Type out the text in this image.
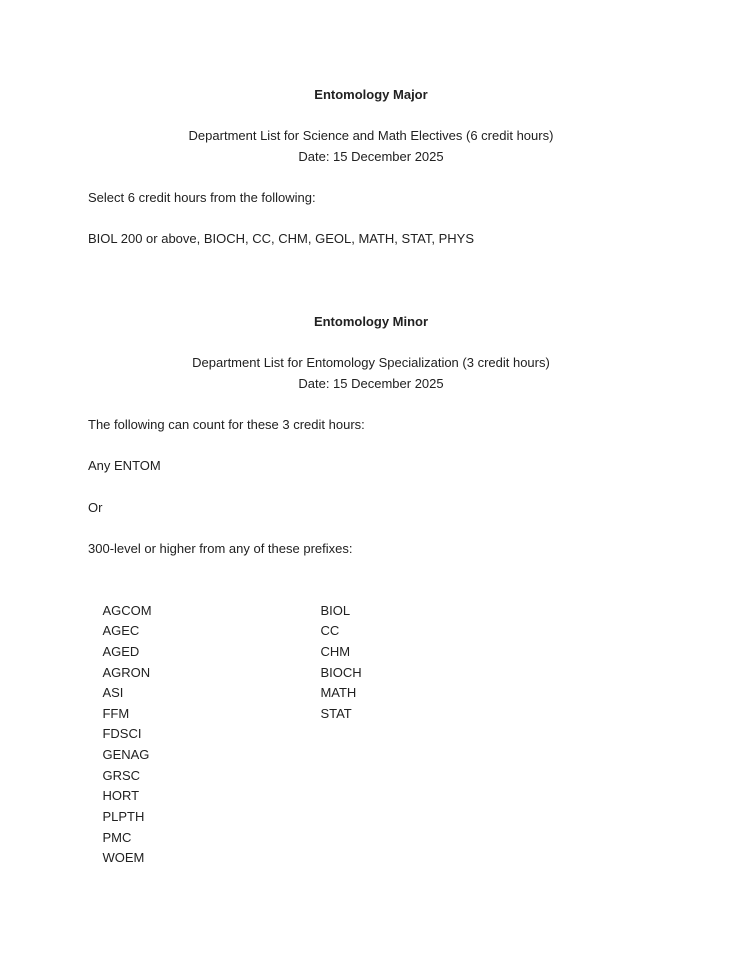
Entomology Major
Department List for Science and Math Electives (6 credit hours)
Date: 15 December 2025
Select 6 credit hours from the following:
BIOL 200 or above, BIOCH, CC, CHM, GEOL, MATH, STAT, PHYS
Entomology Minor
Department List for Entomology Specialization (3 credit hours)
Date: 15 December 2025
The following can count for these 3 credit hours:
Any ENTOM
Or
300-level or higher from any of these prefixes:

AGCOM	BIOL

AGEC	CC

AGED	CHM

AGRON	BIOCH

ASI	MATH

FFM	STAT

FDSCI

GENAG

GRSC

HORT

PLPTH

PMC

WOEM
